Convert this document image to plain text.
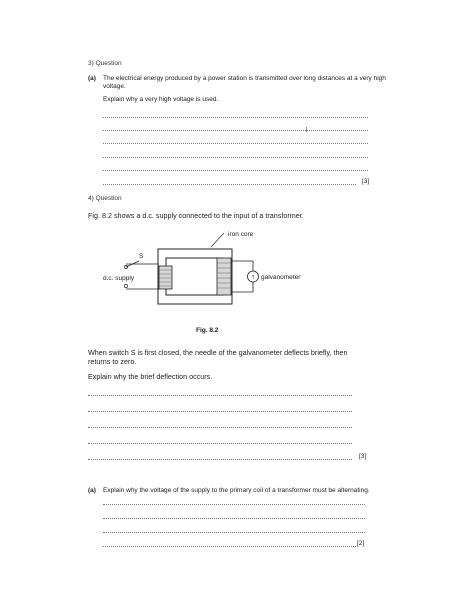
3) Question
(a) The electrical energy produced by a power station is transmitted over long distances at a very high voltage.
Explain why a very high voltage is used.
[3]
4) Question
Fig. 8.2 shows a d.c. supply connected to the input of a transformer.
↑
iron core
S
d.c. supply	galvanometer
Fig. 8.2
When switch S is first closed, the needle of the galvanometer deflects briefly, then returns to zero.
Explain why the brief deflection occurs.
[3]
(a) Explain why the voltage of the supply to the primary coil of a transformer must be alternating.
[2]
